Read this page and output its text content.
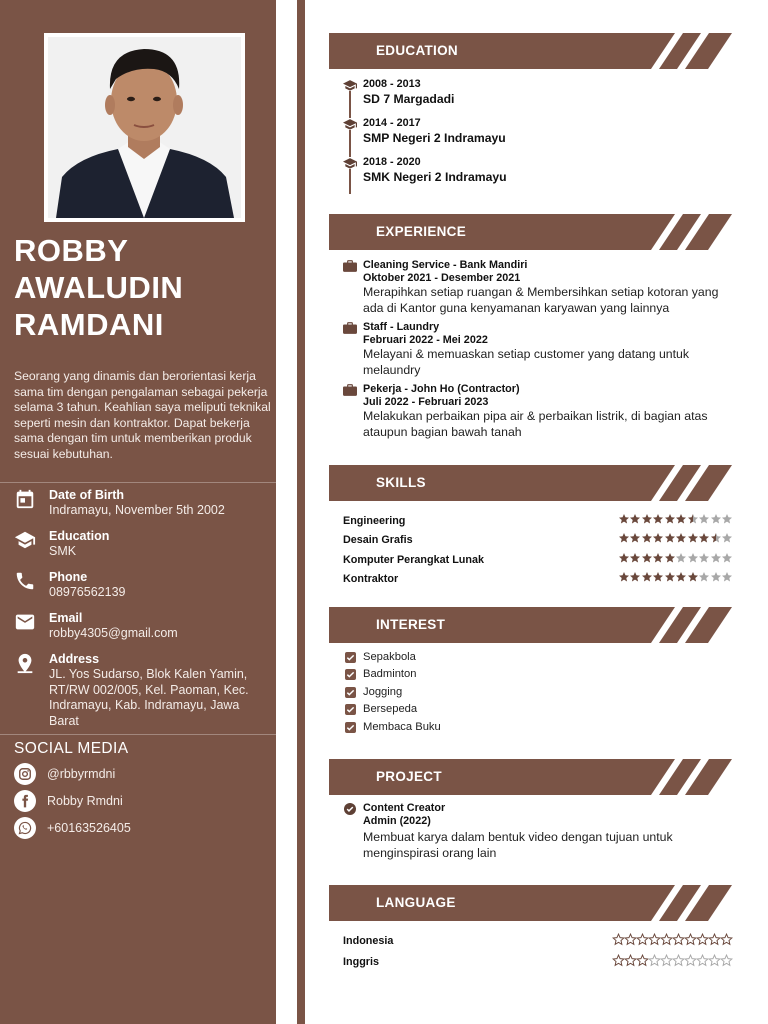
ROBBY
AWALUDIN
RAMDANI
Seorang yang dinamis dan berorientasi kerja sama tim dengan pengalaman sebagai pekerja selama 3 tahun. Keahlian saya meliputi teknikal seperti mesin dan kontraktor. Dapat bekerja sama dengan tim untuk memberikan produk sesuai kebutuhan.
Date of Birth
Indramayu, November 5th 2002
Education
SMK
Phone
08976562139
Email
robby4305@gmail.com
Address
JL. Yos Sudarso, Blok Kalen Yamin, RT/RW 002/005, Kel. Paoman, Kec. Indramayu, Kab. Indramayu, Jawa Barat
SOCIAL MEDIA
@rbbyrmdni
Robby Rmdni
+60163526405
EDUCATION
2008 - 2013
SD 7 Margadadi
2014 - 2017
SMP Negeri 2 Indramayu
2018 - 2020
SMK Negeri 2 Indramayu
EXPERIENCE
Cleaning Service - Bank Mandiri
Oktober 2021 - Desember 2021
Merapihkan setiap ruangan & Membersihkan setiap kotoran yang ada di Kantor guna kenyamanan karyawan yang lainnya
Staff - Laundry
Februari 2022 - Mei 2022
Melayani & memuaskan setiap customer yang datang untuk melaundry
Pekerja - John Ho (Contractor)
Juli 2022 - Februari 2023
Melakukan perbaikan pipa air & perbaikan listrik, di bagian atas ataupun bagian bawah tanah
SKILLS
Engineering
Desain Grafis
Komputer Perangkat Lunak
Kontraktor
INTEREST
Sepakbola
Badminton
Jogging
Bersepeda
Membaca Buku
PROJECT
Content Creator
Admin (2022)
Membuat karya dalam bentuk video dengan tujuan untuk menginspirasi orang lain
LANGUAGE
Indonesia
Inggris
